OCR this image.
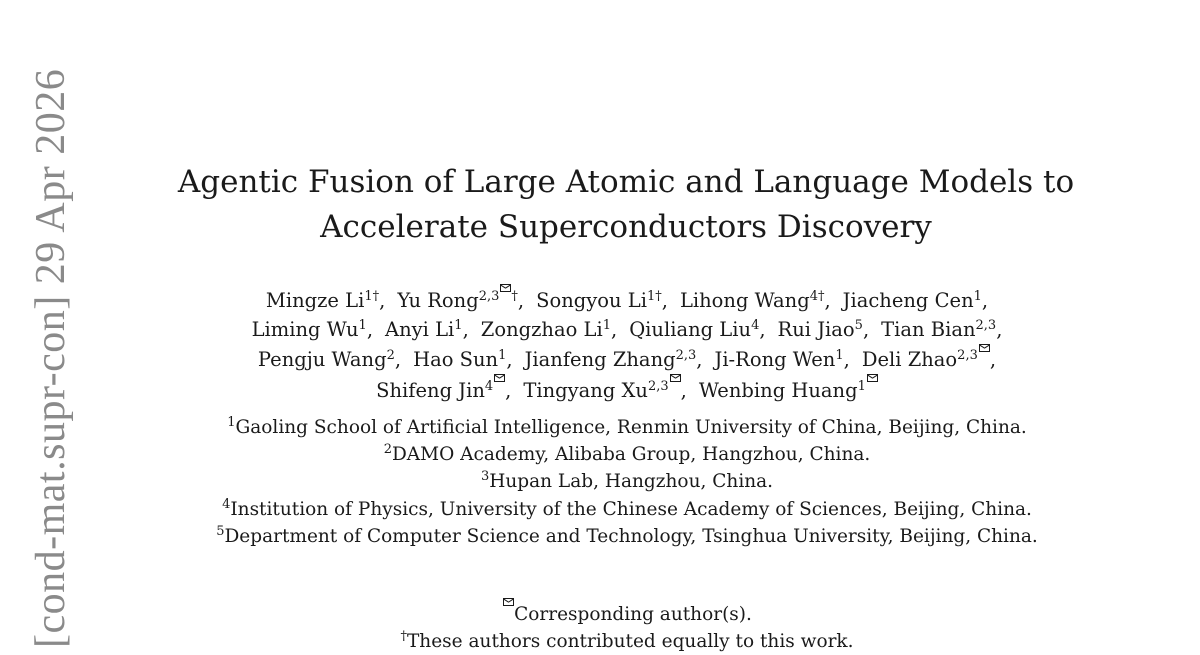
Agentic Fusion of Large Atomic and Language Models to
Accelerate Superconductors Discovery
Mingze $Li^{1\dagger}$, Yu Rong$^{2,3}$ †, Songyou $Li^{1\dagger}$, Lihong Wang$^{4\dagger}$, Jiacheng Cen$^1$,
Liming Wu$^1$, Anyi Li$^1$, Zongzhao Li$^1$, Qiuliang Liu$^4$, Rui Jiao$^5$, Tian Bian$^{2,3}$,
Pengju Wang$^2$, Hao Sun$^1$, Jianfeng Zhang$^{2,3}$, Ji-Rong Wen$^1$, Deli Zhao$^{2,3}$ ,
Shifeng Jin$^4$ , Tingyang Xu$^{2,3}$ , Wenbing Huang$^1$
$^1$Gaoling School of Artificial Intelligence, Renmin University of China, Beijing, China.
$^2$DAMO Academy, Alibaba Group, Hangzhou, China.
$^3$Hupan Lab, Hangzhou, China.
$^4$Institution of Physics, University of the Chinese Academy of Sciences, Beijing, China.
$^5$Department of Computer Science and Technology, Tsinghua University, Beijing, China.
Corresponding author(s).
†These authors contributed equally to this work.
[cond-mat.supr-con] 29 Apr 2026
